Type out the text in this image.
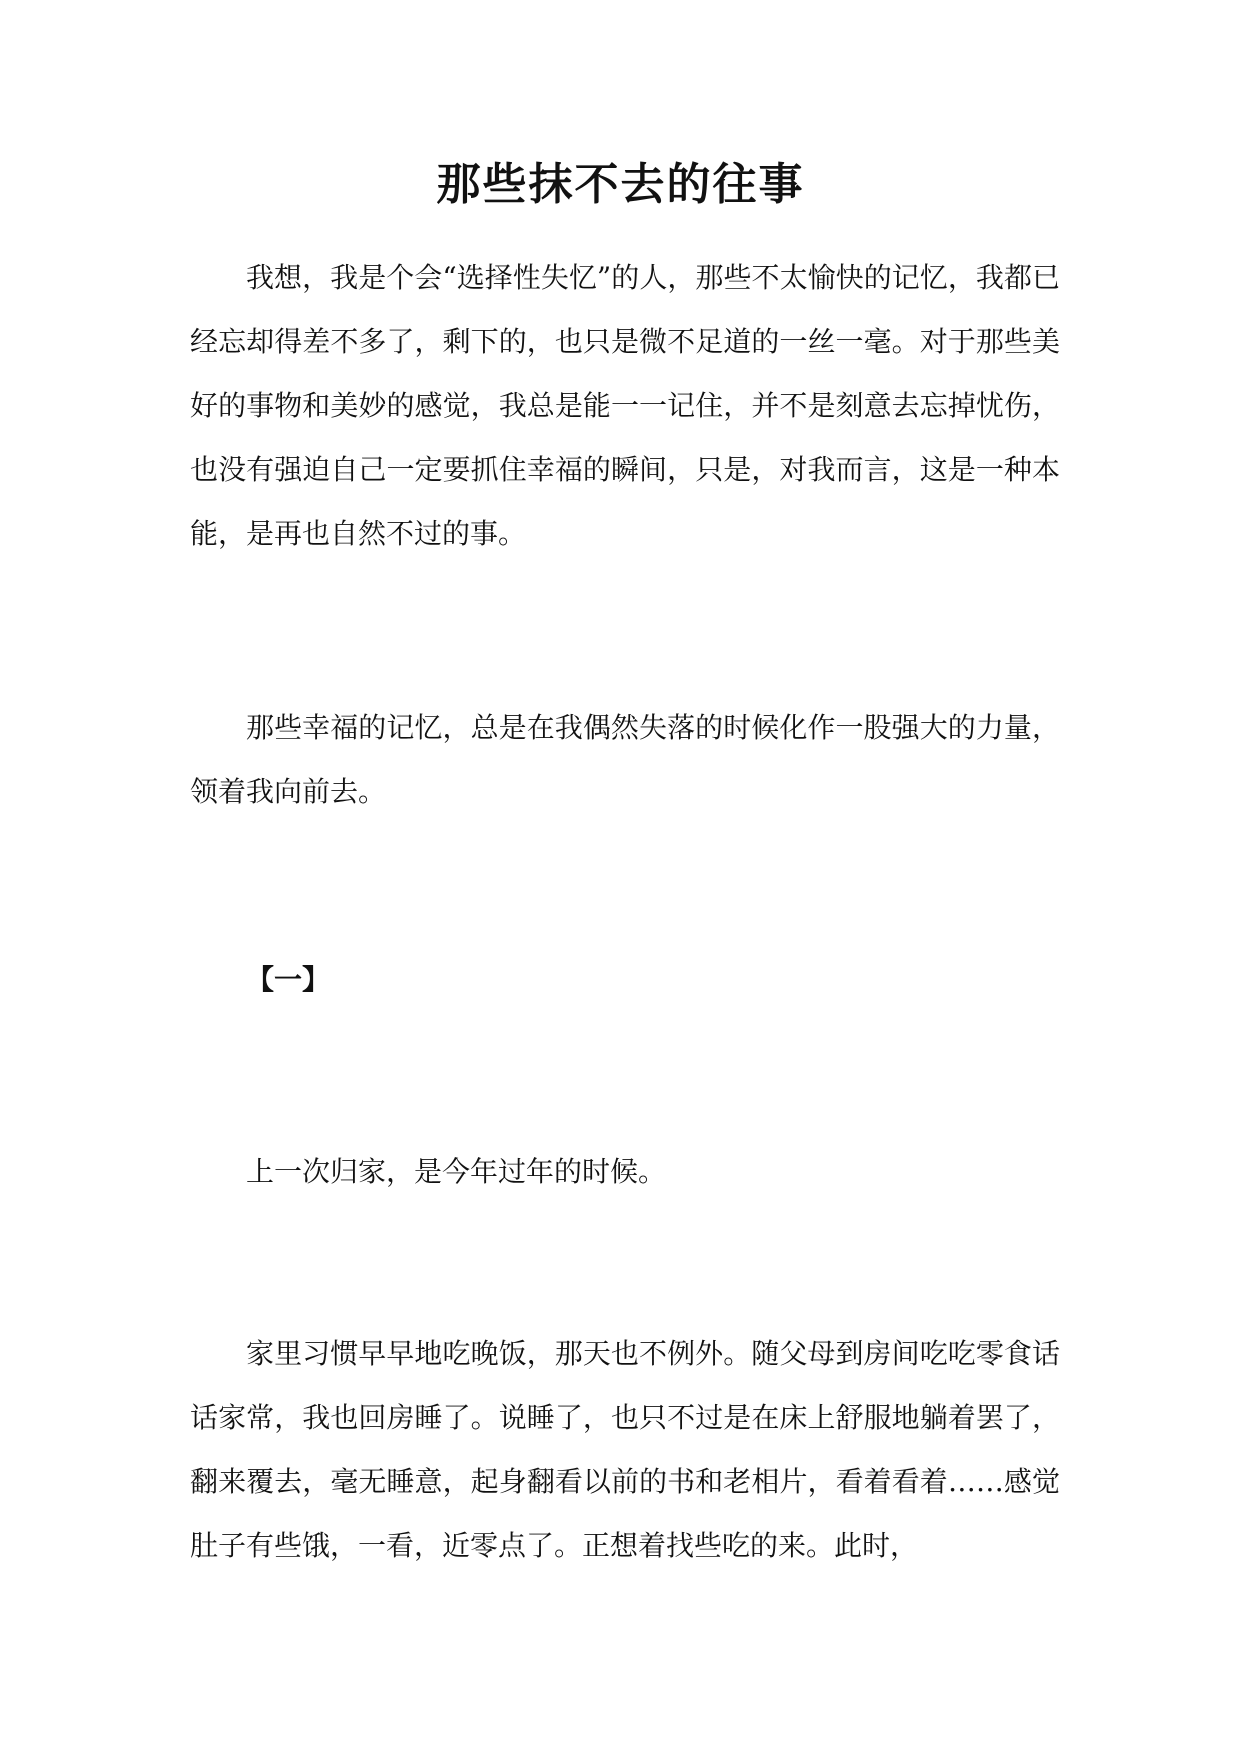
那些抹不去的往事

我想，我是个会“选择性失忆”的人，那些不太愉快的记忆，我都已经忘却得差不多了，剩下的，也只是微不足道的一丝一毫。对于那些美好的事物和美妙的感觉，我总是能一一记住，并不是刻意去忘掉忧伤，也没有强迫自己一定要抓住幸福的瞬间，只是，对我而言，这是一种本能，是再也自然不过的事。

那些幸福的记忆，总是在我偶然失落的时候化作一股强大的力量，领着我向前去。

【一】

上一次归家，是今年过年的时候。

家里习惯早早地吃晚饭，那天也不例外。随父母到房间吃吃零食话话家常，我也回房睡了。说睡了，也只不过是在床上舒服地躺着罢了，翻来覆去，毫无睡意，起身翻看以前的书和老相片，看着看着……感觉肚子有些饿，一看，近零点了。正想着找些吃的来。此时，
